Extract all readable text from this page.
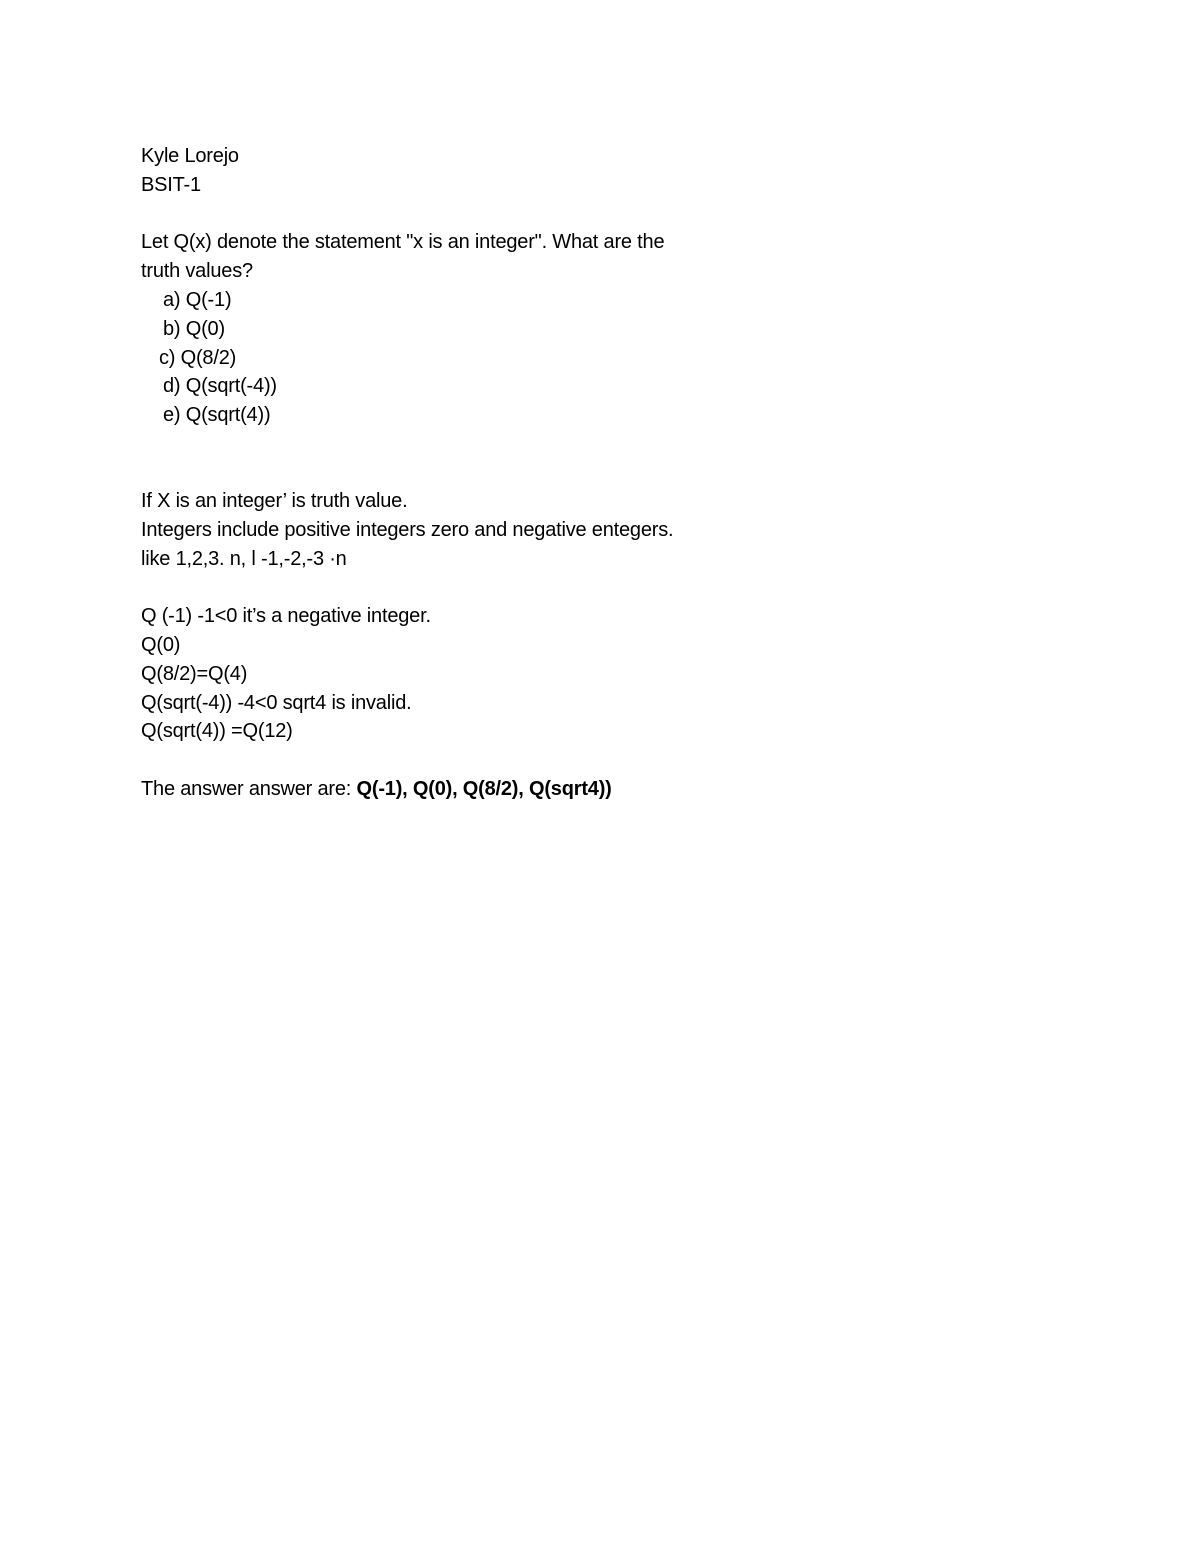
Kyle Lorejo
BSIT-1
Let Q(x) denote the statement "x is an integer". What are the
truth values?
a) Q(-1)
b) Q(0)
c) Q(8/2)
d) Q(sqrt(-4))
e) Q(sqrt(4))
If X is an integer’ is truth value.
Integers include positive integers zero and negative entegers.
like 1,2,3. n, l -1,-2,-3 ·n
Q (-1) -1<0 it’s a negative integer.
Q(0)
Q(8/2)=Q(4)
Q(sqrt(-4)) -4<0 sqrt4 is invalid.
Q(sqrt(4)) =Q(12)
The answer answer are: Q(-1), Q(0), Q(8/2), Q(sqrt4))
